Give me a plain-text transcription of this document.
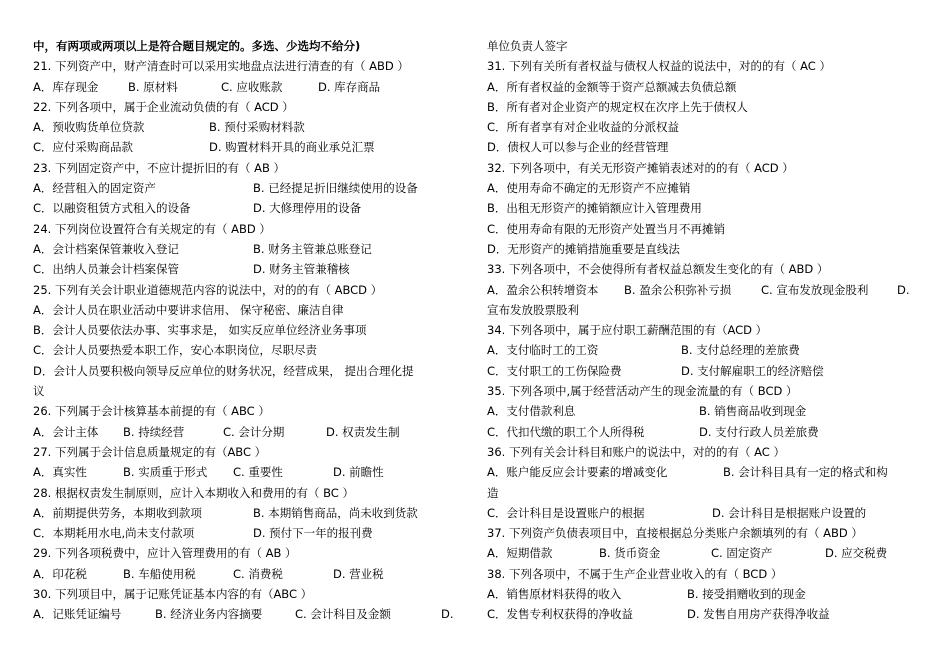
中，有两项或两项以上是符合题目规定的。多选、少选均不给分)
21. 下列资产中，财产清查时可以采用实地盘点法进行清查的有（ ABD ）
A．库存现金	B. 原材料	C. 应收账款	D. 库存商品
22. 下列各项中，属于企业流动负债的有（ ACD ）
A．预收购货单位贷款	B. 预付采购材料款
C．应付采购商品款	D. 购置材料开具的商业承兑汇票
23. 下列固定资产中，不应计提折旧的有（ AB ）
A．经营租入的固定资产	B. 已经提足折旧继续使用的设备
C．以融资租赁方式租入的设备	D. 大修理停用的设备
24. 下列岗位设置符合有关规定的有（ ABD ）
A．会计档案保管兼收入登记	B. 财务主管兼总账登记
C．出纳人员兼会计档案保管	D. 财务主管兼稽核
25. 下列有关会计职业道德规范内容的说法中，对的的有（ ABCD ）
A．会计人员在职业活动中要讲求信用、 保守秘密、廉洁自律
B．会计人员要依法办事、实事求是， 如实反应单位经济业务事项
C．会计人员要热爱本职工作，安心本职岗位，尽职尽责
D．会计人员要积极向领导反应单位的财务状况，经营成果， 提出合理化提
议
26. 下列属于会计核算基本前提的有（ ABC ）
A．会计主体 B. 持续经营	C. 会计分期	D. 权责发生制
27. 下列属于会计信息质量规定的有（ABC ）
A．真实性	B. 实质重于形式 C. 重要性	D. 前瞻性
28. 根据权责发生制原则，应计入本期收入和费用的有（ BC ）
A．前期提供劳务，本期收到款项	B. 本期销售商品，尚未收到货款
C．本期耗用水电,尚未支付款项	D. 预付下一年的报刊费
29. 下列各项税费中，应计入管理费用的有（ AB ）
A．印花税	B. 车船使用税	C. 消费税	D. 营业税
30. 下列项目中，属于记账凭证基本内容的有（ABC ）
A．记账凭证编号	B. 经济业务内容摘要	C. 会计科目及金额	D.
单位负责人签字
31. 下列有关所有者权益与债权人权益的说法中，对的的有（ AC ）
A．所有者权益的金额等于资产总额减去负债总额
B．所有者对企业资产的规定权在次序上先于债权人
C．所有者享有对企业收益的分派权益
D．债权人可以参与企业的经营管理
32. 下列各项中，有关无形资产摊销表述对的的有（ ACD ）
A．使用寿命不确定的无形资产不应摊销
B．出租无形资产的摊销额应计入管理费用
C．使用寿命有限的无形资产处置当月不再摊销
D．无形资产的摊销措施重要是直线法
33. 下列各项中，不会使得所有者权益总额发生变化的有（ ABD ）
A．盈余公积转增资本 B. 盈余公积弥补亏损	C. 宣布发放现金股利 D.
宣布发放股票股利
34. 下列各项中，属于应付职工薪酬范围的有（ACD ）
A．支付临时工的工资	B. 支付总经理的差旅费
C．支付职工的工伤保险费	D. 支付解雇职工的经济赔偿
35. 下列各项中,属于经营活动产生的现金流量的有（ BCD ）
A．支付借款利息	B. 销售商品收到现金
C．代扣代缴的职工个人所得税	D. 支付行政人员差旅费
36. 下列有关会计科目和账户的说法中，对的的有（ AC ）
A．账户能反应会计要素的增减变化	B. 会计科目具有一定的格式和构
造
C．会计科目是设置账户的根据	D. 会计科目是根据账户设置的
37. 下列资产负债表项目中，直接根据总分类账户余额填列的有（ ABD ）
A．短期借款	B. 货币资金	C. 固定资产	D. 应交税费
38. 下列各项中，不属于生产企业营业收入的有（ BCD ）
A．销售原材料获得的收入	B. 接受捐赠收到的现金
C．发售专利权获得的净收益	D. 发售自用房产获得净收益
